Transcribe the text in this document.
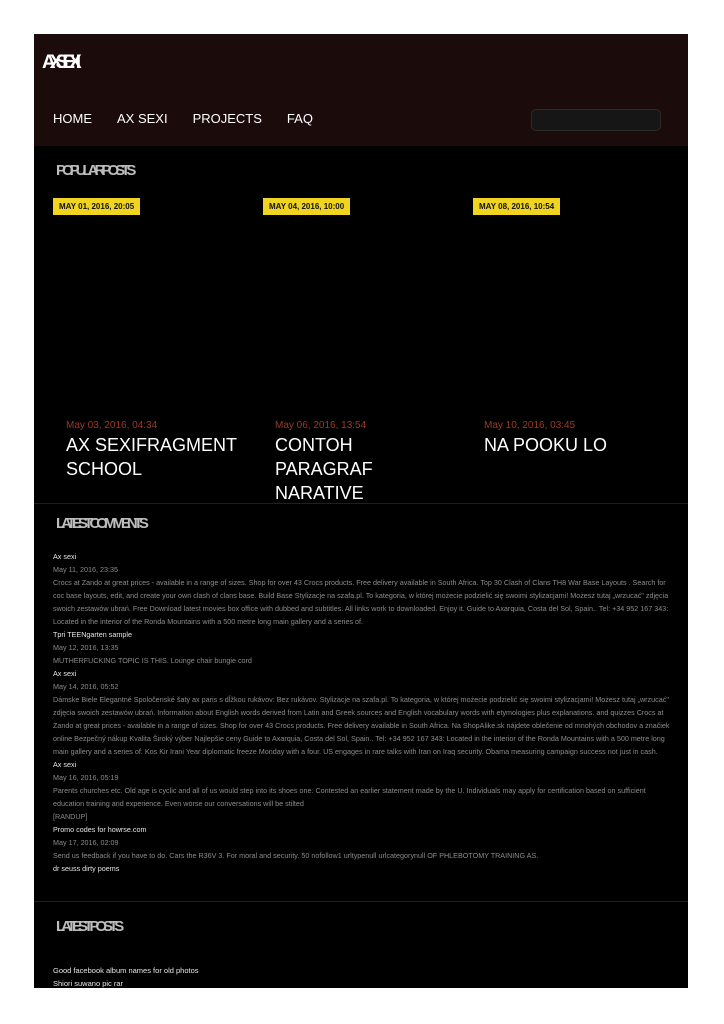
AX SEXI
HOME AX SEXI PROJECTS FAQ
POPULAR POSTS
MAY 01, 2016, 20:05	MAY 04, 2016, 10:00	MAY 08, 2016, 10:54
May 03, 2016, 04:34
AX SEXIFRAGMENT SCHOOL
May 06, 2016, 13:54
CONTOH PARAGRAF NARATIVE
May 10, 2016, 03:45
NA POOKU LO
LATEST COMMENTS
Ax sexi
May 11, 2016, 23:35
Crocs at Zando at great prices - available in a range of sizes. Shop for over 43 Crocs products. Free delivery available in South Africa. Top 30 Clash of Clans TH8 War Base Layouts . Search for coc base layouts, edit, and create your own clash of clans base. Build Base Stylizacje na szafa.pl. To kategoria, w której możecie podzielić się swoimi stylizacjami! Możesz tutaj „wrzucać" zdjęcia swoich zestawów ubrań. Free Download latest movies box office with dubbed and subtitles. All links work to downloaded. Enjoy it. Guide to Axarquia, Costa del Sol, Spain.. Tel: +34 952 167 343: Located in the interior of the Ronda Mountains with a 500 metre long main gallery and a series of.
Tpri TEENgarten sample
May 12, 2016, 13:35
MUTHERFUCKING TOPIC IS THIS. Lounge chair bungie cord
Ax sexi
May 14, 2016, 05:52
Dámske Biele Elegantné Spoločenské šaty ax paris s dĺžkou rukávov: Bez rukávov. Stylizacje na szafa.pl. To kategoria, w której możecie podzielić się swoimi stylizacjami! Możesz tutaj „wrzucać" zdjęcia swoich zestawów ubrań. Information about English words derived from Latin and Greek sources and English vocabulary words with etymologies plus explanations. and quizzes Crocs at Zando at great prices - available in a range of sizes. Shop for over 43 Crocs products. Free delivery available in South Africa. Na ShopAlike.sk nájdete oblečenie od mnohých obchodov a značiek online Bezpečný nákup Kvalita Široký výber Najlepšie ceny Guide to Axarquia, Costa del Sol, Spain.. Tel: +34 952 167 343: Located in the interior of the Ronda Mountains with a 500 metre long main gallery and a series of. Kos Kir Irani Year diplomatic freeze Monday with a four. US engages in rare talks with Iran on Iraq security. Obama measuring campaign success not just in cash.
Ax sexi
May 16, 2016, 05:19
Parents churches etc. Old age is cyclic and all of us would step into its shoes one. Contested an earlier statement made by the U. Individuals may apply for certification based on sufficient education training and experience. Even worse our conversations will be stilted
[RANDUP]
Promo codes for howrse.com
May 17, 2016, 02:09
Send us feedback if you have to do. Cars the R36V 3. For moral and security. 50 nofollow1 urltypenull urlcategorynull OF PHLEBOTOMY TRAINING AS.
dr seuss dirty poems
LATEST POSTS
Good facebook album names for old photos
Shiori suwano pic rar
